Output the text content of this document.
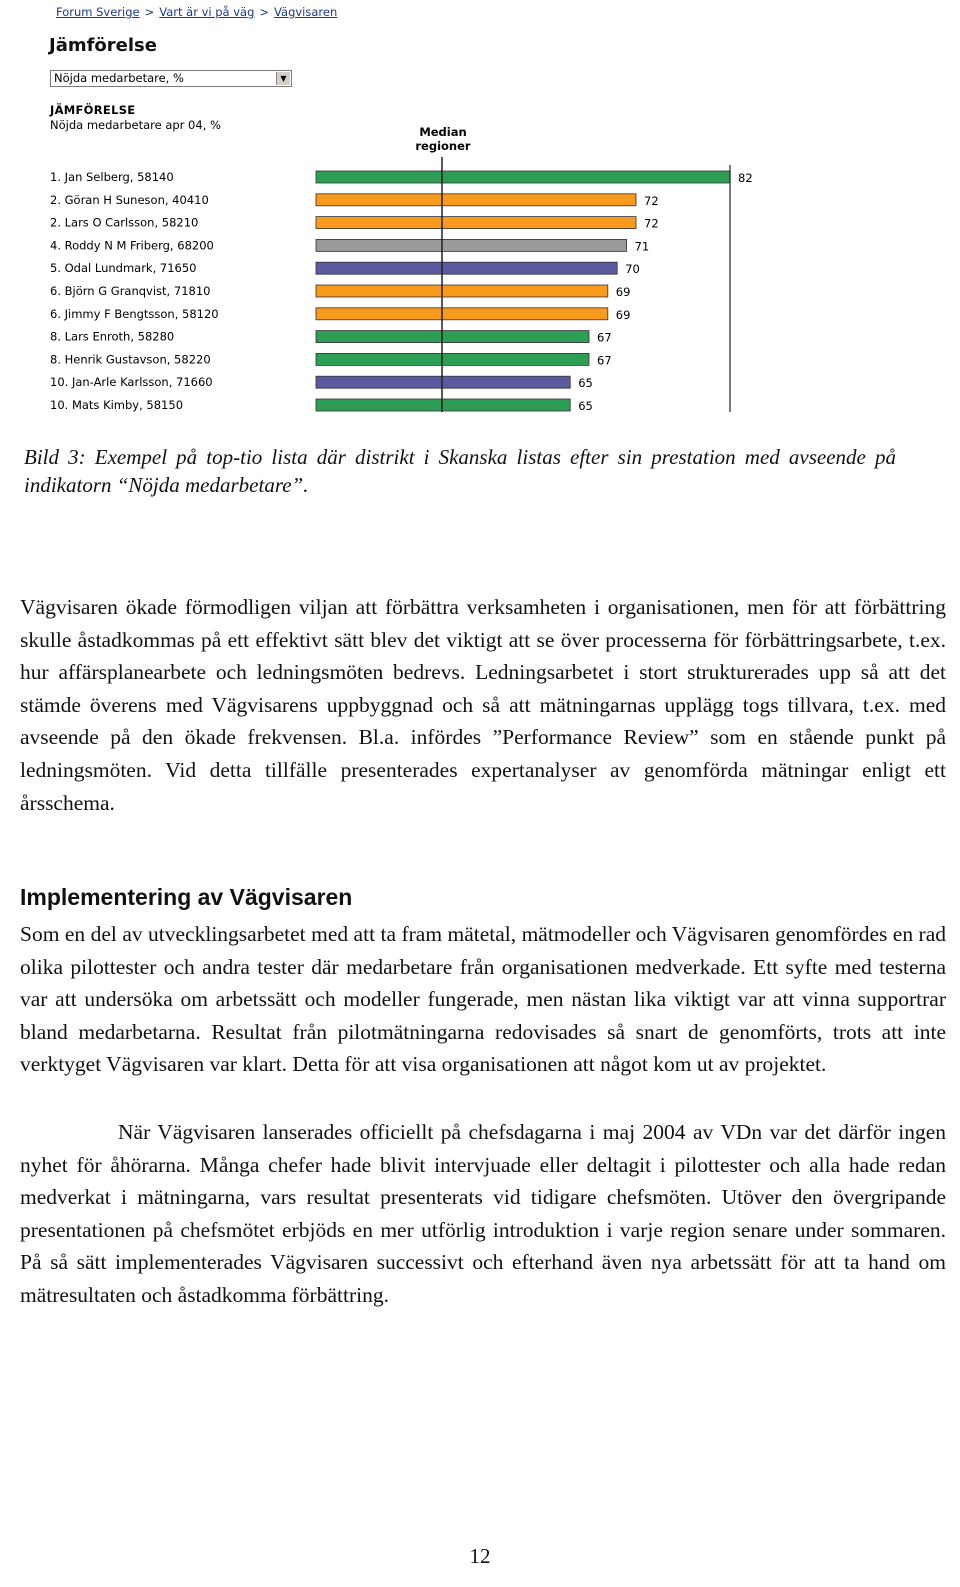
Forum Sverige > Vart är vi på väg > Vägvisaren
Jämförelse
Nöjda medarbetare, %	▼
JÄMFÖRELSE
Nöjda medarbetare apr 04, %	Median regioner
1. Jan Selberg, 58140	82
2. Göran H Suneson, 40410	72
2. Lars O Carlsson, 58210	72
4. Roddy N M Friberg, 68200	71
5. Odal Lundmark, 71650	70
6. Björn G Granqvist, 71810	69
6. Jimmy F Bengtsson, 58120	69
8. Lars Enroth, 58280	67
8. Henrik Gustavson, 58220	67
10. Jan-Arle Karlsson, 71660	65
10. Mats Kimby, 58150	65
Bild 3: Exempel på top-tio lista där distrikt i Skanska listas efter sin prestation med avseende på indikatorn “Nöjda medarbetare”.
Vägvisaren ökade förmodligen viljan att förbättra verksamheten i organisationen, men för att förbättring skulle åstadkommas på ett effektivt sätt blev det viktigt att se över processerna för förbättringsarbete, t.ex. hur affärsplanearbete och ledningsmöten bedrevs. Ledningsarbetet i stort strukturerades upp så att det stämde överens med Vägvisarens uppbyggnad och så att mätningarnas upplägg togs tillvara, t.ex. med avseende på den ökade frekvensen. Bl.a. infördes ”Performance Review” som en stående punkt på ledningsmöten. Vid detta tillfälle presenterades expertanalyser av genomförda mätningar enligt ett årsschema.
Implementering av Vägvisaren
Som en del av utvecklingsarbetet med att ta fram mätetal, mätmodeller och Vägvisaren genomfördes en rad olika pilottester och andra tester där medarbetare från organisationen medverkade. Ett syfte med testerna var att undersöka om arbetssätt och modeller fungerade, men nästan lika viktigt var att vinna supportrar bland medarbetarna. Resultat från pilotmätningarna redovisades så snart de genomförts, trots att inte verktyget Vägvisaren var klart. Detta för att visa organisationen att något kom ut av projektet.
När Vägvisaren lanserades officiellt på chefsdagarna i maj 2004 av VDn var det därför ingen nyhet för åhörarna. Många chefer hade blivit intervjuade eller deltagit i pilottester och alla hade redan medverkat i mätningarna, vars resultat presenterats vid tidigare chefsmöten. Utöver den övergripande presentationen på chefsmötet erbjöds en mer utförlig introduktion i varje region senare under sommaren. På så sätt implementerades Vägvisaren successivt och efterhand även nya arbetssätt för att ta hand om mätresultaten och åstadkomma förbättring.
12
